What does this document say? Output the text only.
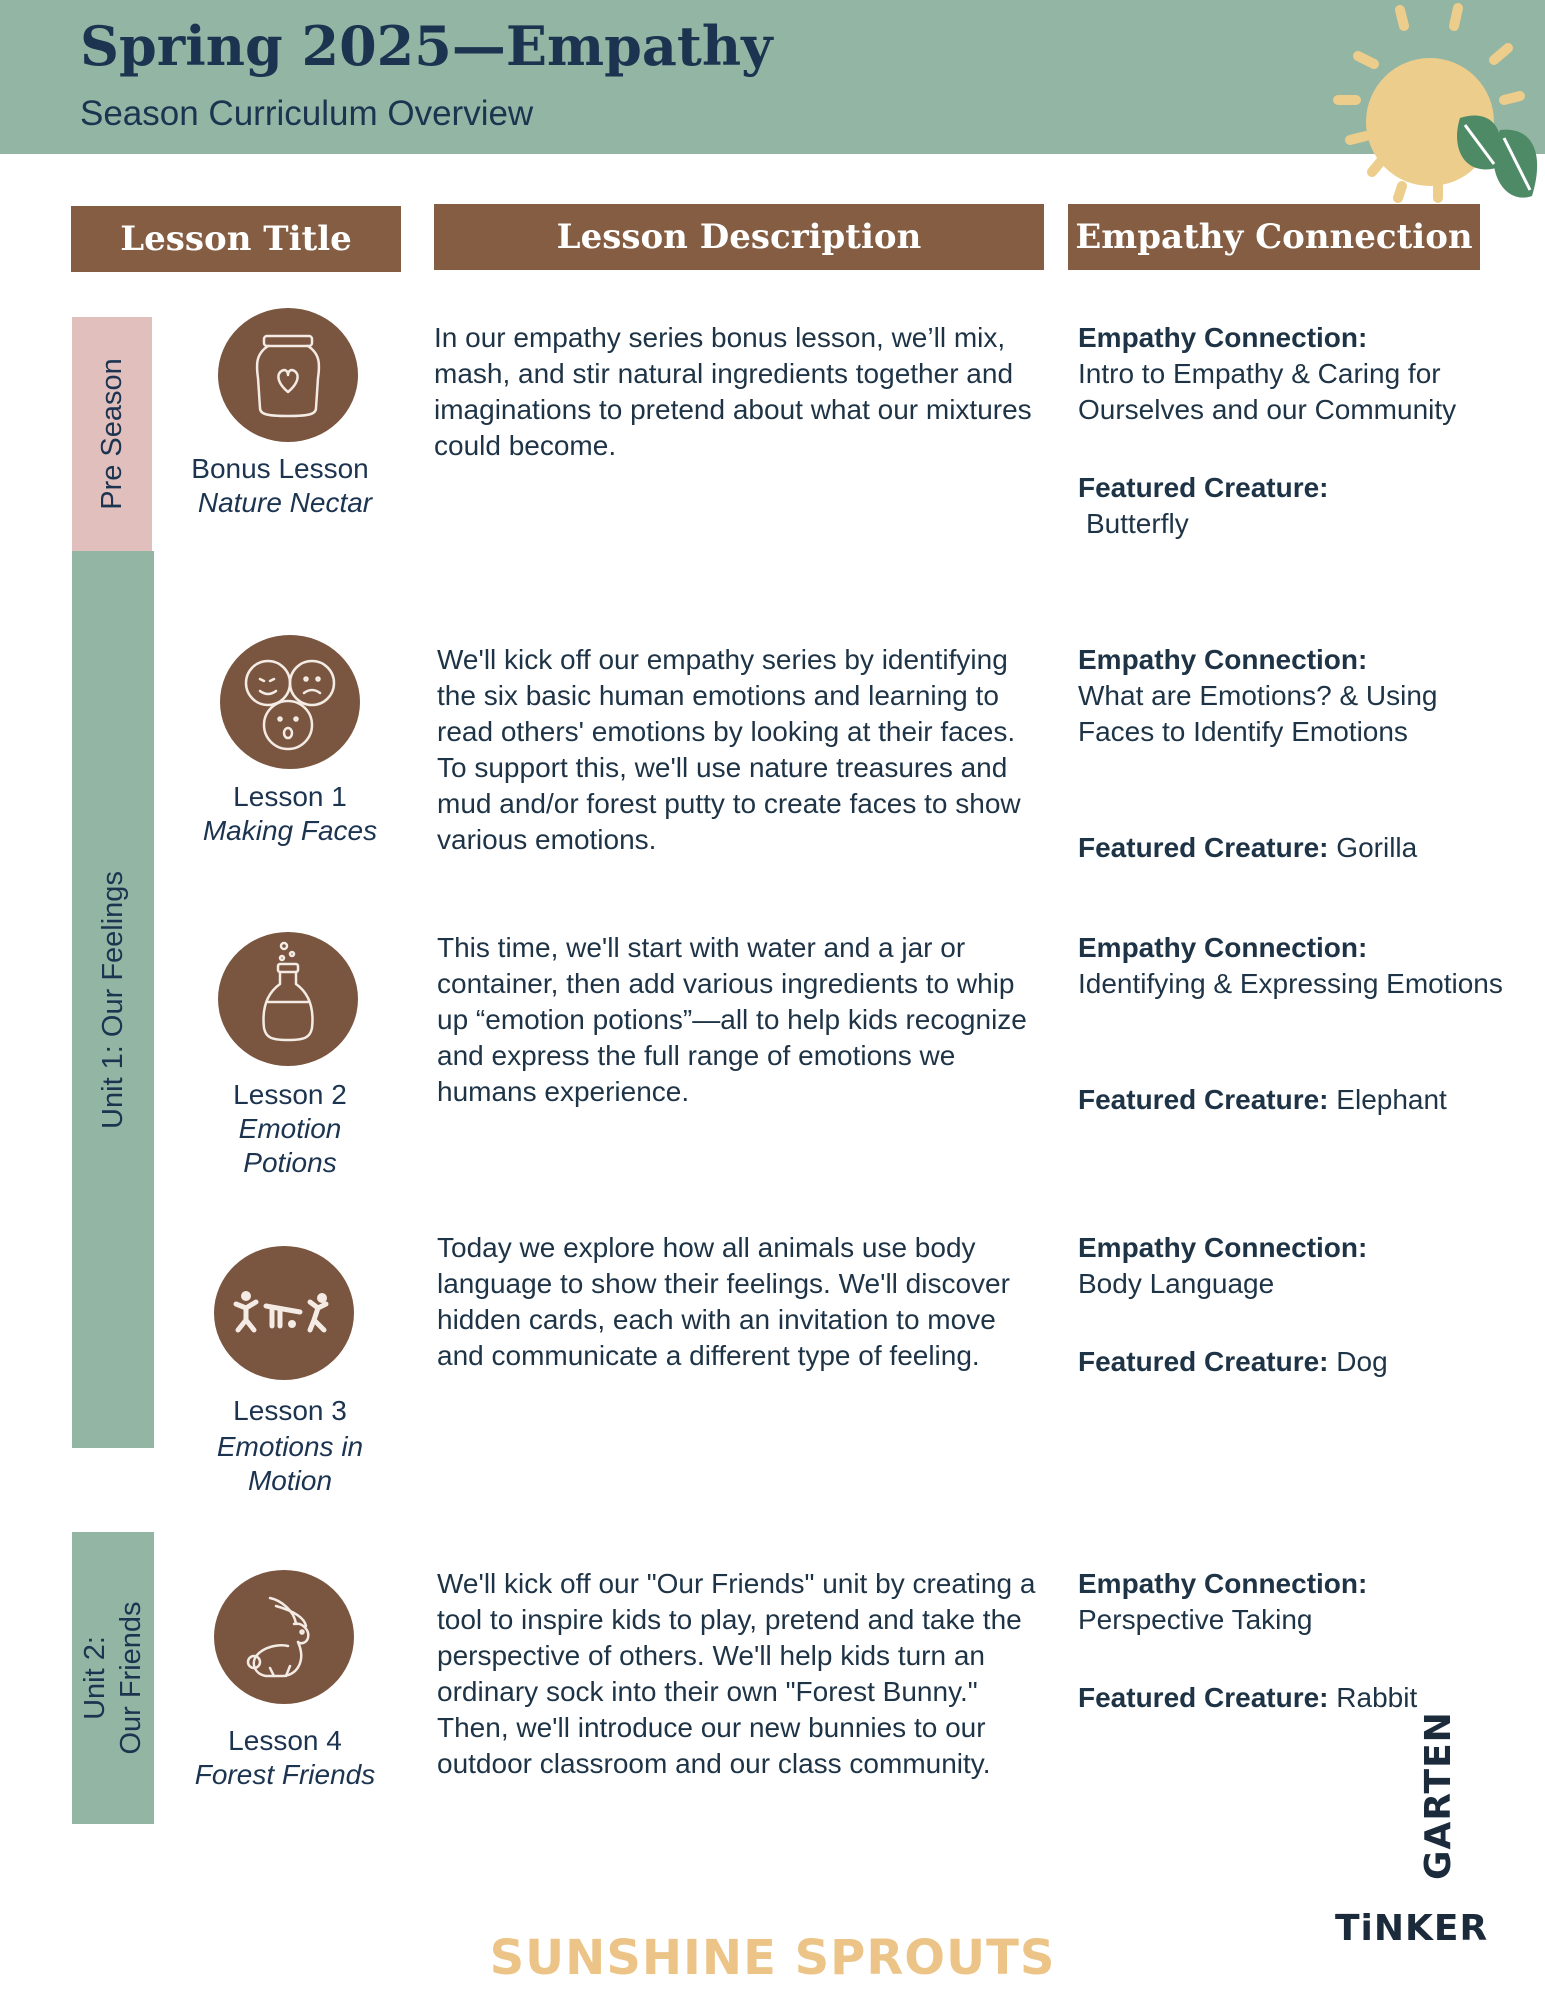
Spring 2025—Empathy
Season Curriculum Overview
Lesson Title	Lesson Description	Empathy Connection
Pre Season
Unit 1: Our Feelings
Unit 2: Our Friends
Bonus Lesson
Nature Nectar
In our empathy series bonus lesson, we’ll mix, mash, and stir natural ingredients together and imaginations to pretend about what our mixtures could become.
Empathy Connection:
Intro to Empathy & Caring for Ourselves and our Community
Featured Creature:
Butterfly
Lesson 1
Making Faces
We'll kick off our empathy series by identifying the six basic human emotions and learning to read others' emotions by looking at their faces. To support this, we'll use nature treasures and mud and/or forest putty to create faces to show various emotions.
Empathy Connection:
What are Emotions? & Using Faces to Identify Emotions
Featured Creature: Gorilla
Lesson 2
Emotion
Potions
This time, we'll start with water and a jar or container, then add various ingredients to whip up “emotion potions”—all to help kids recognize and express the full range of emotions we humans experience.
Empathy Connection:
Identifying & Expressing Emotions
Featured Creature: Elephant
Lesson 3
Emotions in
Motion
Today we explore how all animals use body language to show their feelings. We'll discover hidden cards, each with an invitation to move and communicate a different type of feeling.
Empathy Connection:
Body Language
Featured Creature: Dog
Lesson 4
Forest Friends
We'll kick off our "Our Friends" unit by creating a tool to inspire kids to play, pretend and take the perspective of others. We'll help kids turn an ordinary sock into their own "Forest Bunny." Then, we'll introduce our new bunnies to our outdoor classroom and our class community.
Empathy Connection:
Perspective Taking
Featured Creature: Rabbit
SUNSHINE SPROUTS
TiNKER
GARTEN
